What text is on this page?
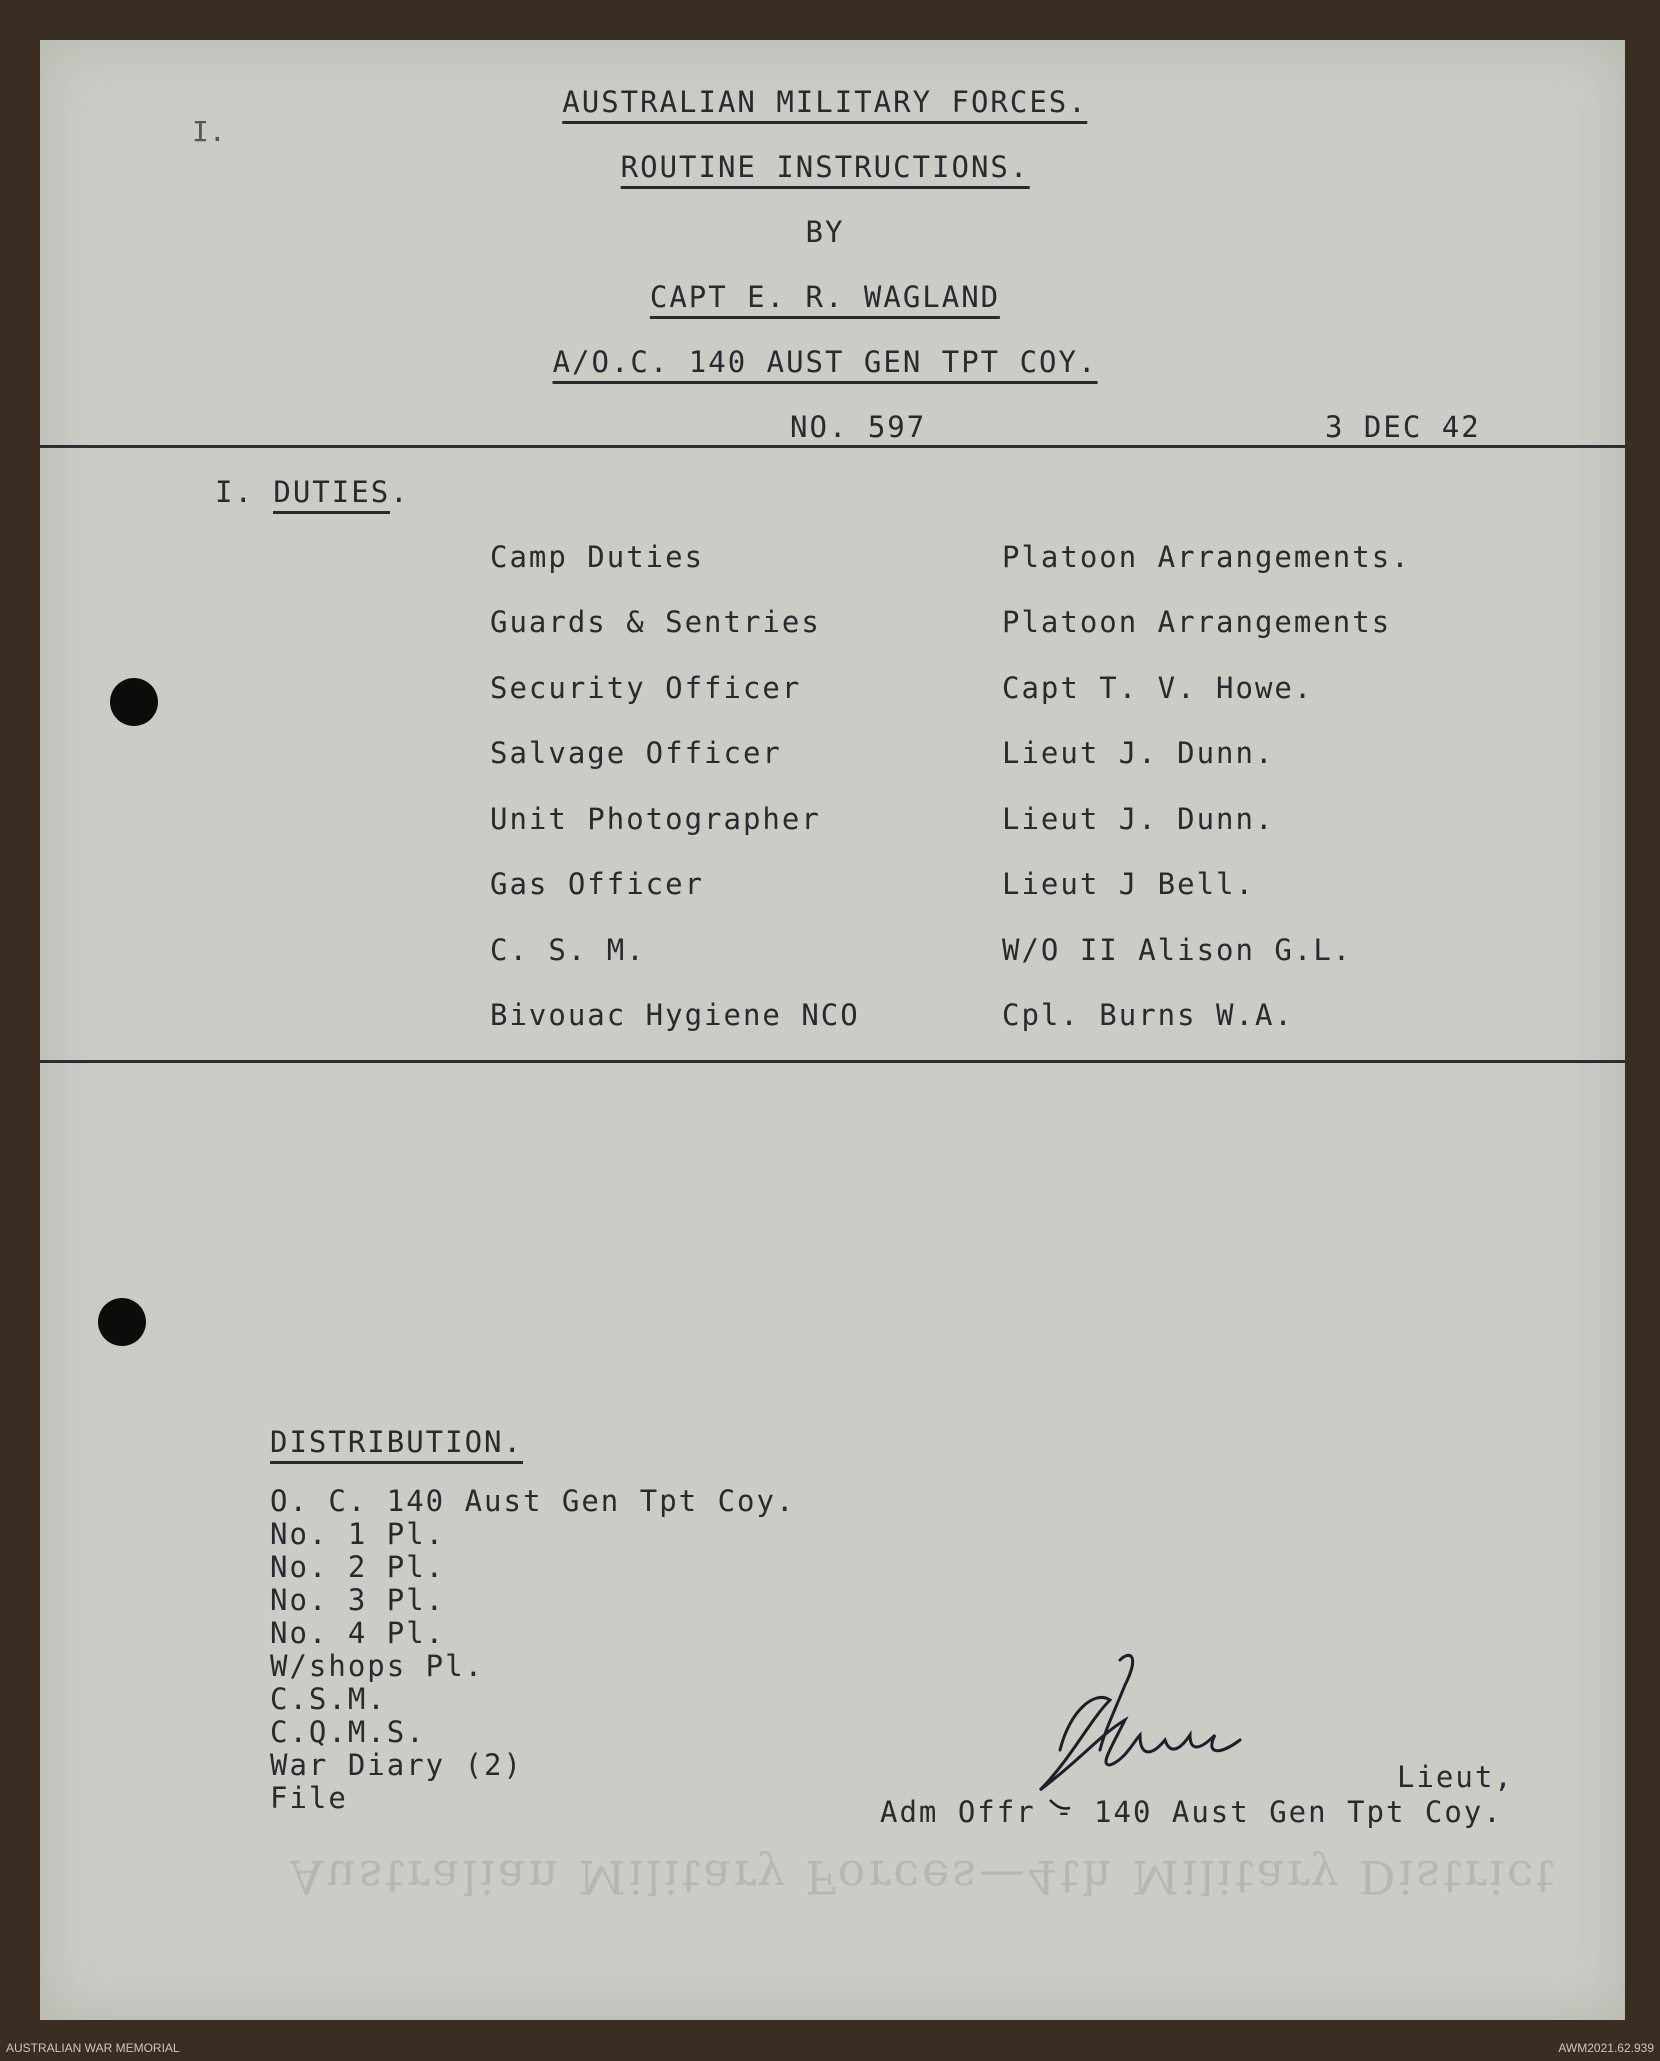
Australian Military Forces—4th Military District
I.
AUSTRALIAN MILITARY FORCES.
ROUTINE INSTRUCTIONS.
BY
CAPT E. R. WAGLAND
A/O.C. 140 AUST GEN TPT COY.
NO. 597	3 DEC 42
I. DUTIES.
Camp Duties	Platoon Arrangements.
Guards & Sentries	Platoon Arrangements
Security Officer	Capt T. V. Howe.
Salvage Officer	Lieut J. Dunn.
Unit Photographer	Lieut J. Dunn.
Gas Officer	Lieut J Bell.
C. S. M.	W/O II Alison G.L.
Bivouac Hygiene NCO	Cpl. Burns W.A.
DISTRIBUTION.
O. C. 140 Aust Gen Tpt Coy.
No. 1 Pl.
No. 2 Pl.
No. 3 Pl.
No. 4 Pl.
W/shops Pl.
C.S.M.
C.Q.M.S.
War Diary (2)
File
Lieut,
Adm Offr - 140 Aust Gen Tpt Coy.
AUSTRALIAN WAR MEMORIAL	AWM2021.62.939
